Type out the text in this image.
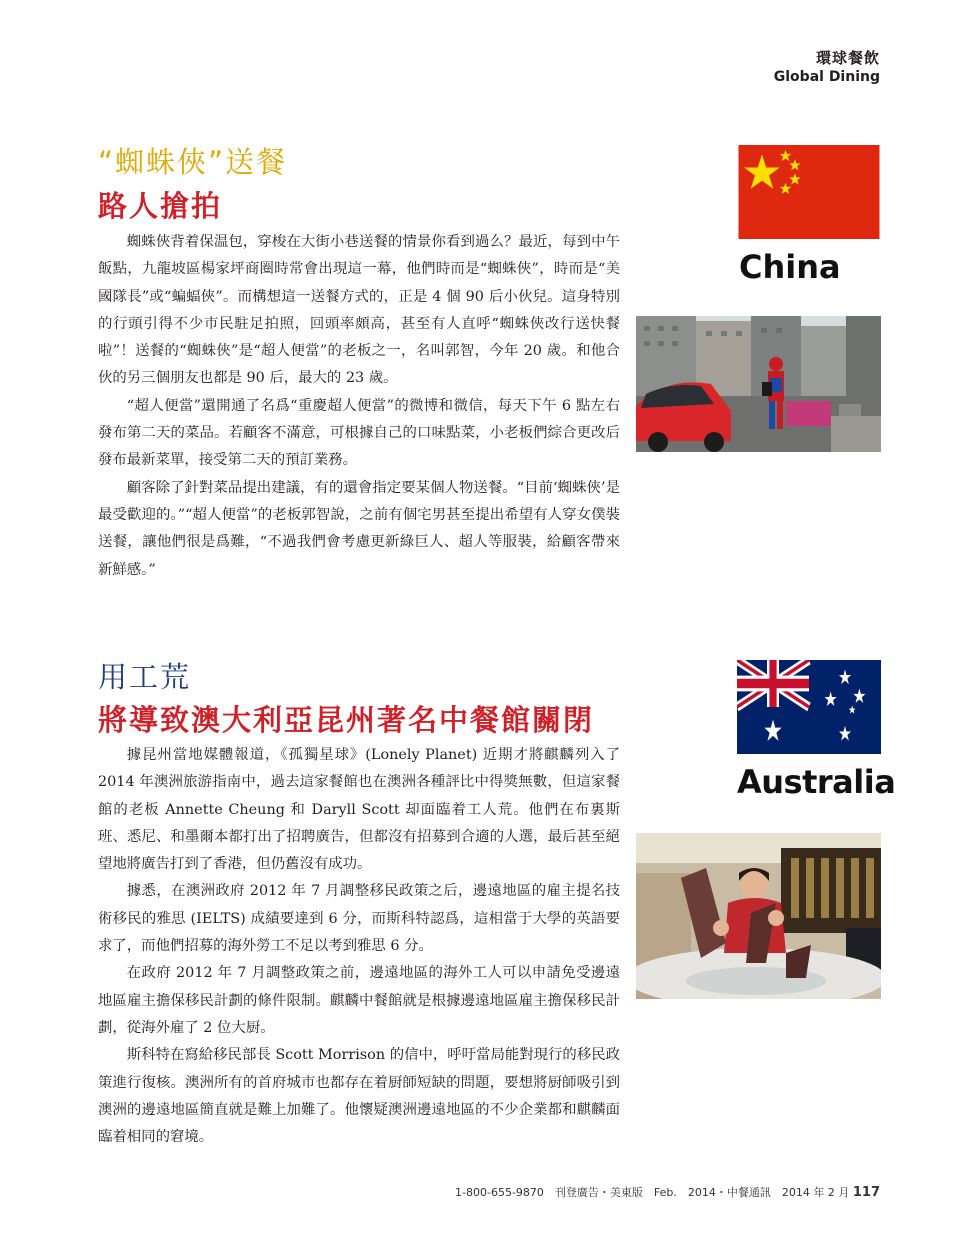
環球餐飲
Global Dining
“蜘蛛俠”送餐
路人搶拍

蜘蛛俠背着保温包，穿梭在大街小巷送餐的情景你看到過么？最近，每到中午飯點，九龍坡區楊家坪商圈時常會出現這一幕，他們時而是“蜘蛛俠”，時而是“美國隊長”或“蝙蝠俠”。而構想這一送餐方式的，正是 4 個 90 后小伙兒。這身特別的行頭引得不少市民駐足拍照，回頭率頗高，甚至有人直呼“蜘蛛俠改行送快餐啦”！送餐的“蜘蛛俠”是“超人便當”的老板之一，名叫郭智，今年 20 歲。和他合伙的另三個朋友也都是 90 后，最大的 23 歲。

“超人便當”還開通了名爲“重慶超人便當”的微博和微信，每天下午 6 點左右發布第二天的菜品。若顧客不滿意，可根據自己的口味點菜，小老板們綜合更改后發布最新菜單，接受第二天的預訂業務。

顧客除了針對菜品提出建議，有的還會指定要某個人物送餐。“目前‘蜘蛛俠’是最受歡迎的。”“超人便當”的老板郭智說，之前有個宅男甚至提出希望有人穿女僕裝送餐，讓他們很是爲難，“不過我們會考慮更新綠巨人、超人等服裝，給顧客帶來新鮮感。”

China
用工荒
將導致澳大利亞昆州著名中餐館關閉

據昆州當地媒體報道，《孤獨星球》(Lonely Planet) 近期才將麒麟列入了 2014 年澳洲旅游指南中，過去這家餐館也在澳洲各種評比中得獎無數，但這家餐館的老板 Annette Cheung 和 Daryll Scott 却面臨着工人荒。他們在布裏斯班、悉尼、和墨爾本都打出了招聘廣告，但都沒有招募到合適的人選，最后甚至絕望地將廣告打到了香港，但仍舊沒有成功。

據悉，在澳洲政府 2012 年 7 月調整移民政策之后，邊遠地區的雇主提名技術移民的雅思 (IELTS) 成績要達到 6 分，而斯科特認爲，這相當于大學的英語要求了，而他們招募的海外勞工不足以考到雅思 6 分。

在政府 2012 年 7 月調整政策之前，邊遠地區的海外工人可以申請免受邊遠地區雇主擔保移民計劃的條件限制。麒麟中餐館就是根據邊遠地區雇主擔保移民計劃，從海外雇了 2 位大厨。

斯科特在寫給移民部長 Scott Morrison 的信中，呼吁當局能對現行的移民政策進行復核。澳洲所有的首府城市也都存在着厨師短缺的問題，要想將厨師吸引到澳洲的邊遠地區簡直就是難上加難了。他懷疑澳洲邊遠地區的不少企業都和麒麟面臨着相同的窘境。

Australia
1-800-655-9870　刊登廣告・美東版　Feb.　2014・中餐通訊　2014 年 2 月 117
